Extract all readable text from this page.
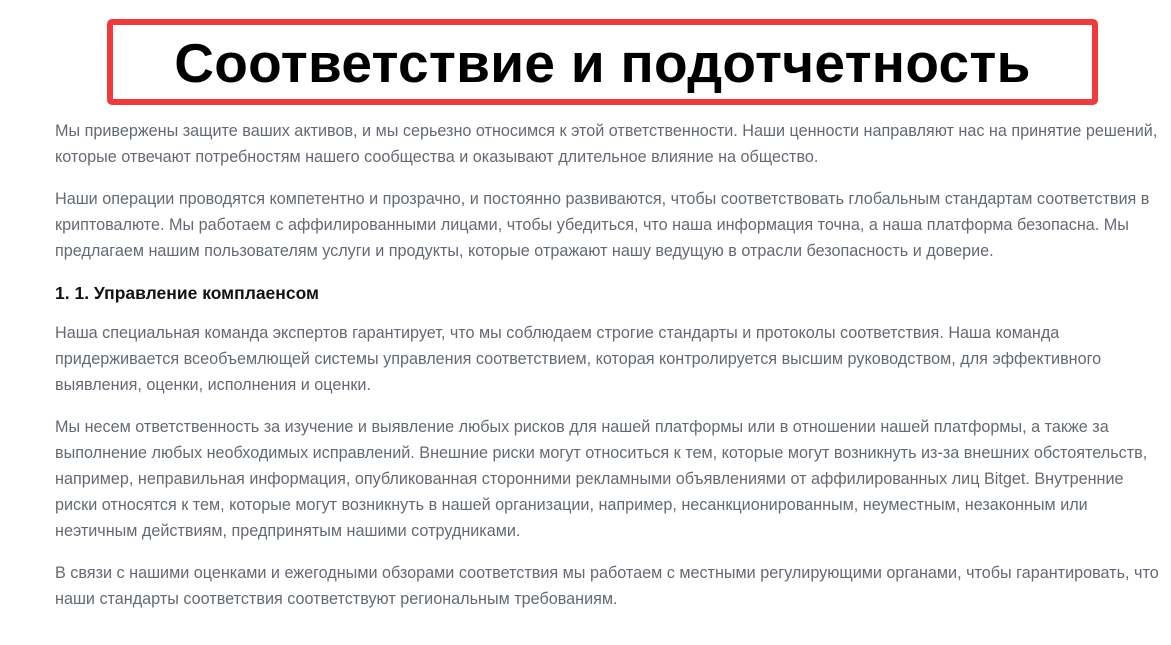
Соответствие и подотчетность

Мы привержены защите ваших активов, и мы серьезно относимся к этой ответственности. Наши ценности направляют нас на принятие решений, которые отвечают потребностям нашего сообщества и оказывают длительное влияние на общество.

Наши операции проводятся компетентно и прозрачно, и постоянно развиваются, чтобы соответствовать глобальным стандартам соответствия в криптовалюте. Мы работаем с аффилированными лицами, чтобы убедиться, что наша информация точна, а наша платформа безопасна. Мы предлагаем нашим пользователям услуги и продукты, которые отражают нашу ведущую в отрасли безопасность и доверие.

1. 1. Управление комплаенсом

Наша специальная команда экспертов гарантирует, что мы соблюдаем строгие стандарты и протоколы соответствия. Наша команда придерживается всеобъемлющей системы управления соответствием, которая контролируется высшим руководством, для эффективного выявления, оценки, исполнения и оценки.

Мы несем ответственность за изучение и выявление любых рисков для нашей платформы или в отношении нашей платформы, а также за выполнение любых необходимых исправлений. Внешние риски могут относиться к тем, которые могут возникнуть из-за внешних обстоятельств, например, неправильная информация, опубликованная сторонними рекламными объявлениями от аффилированных лиц Bitget. Внутренние риски относятся к тем, которые могут возникнуть в нашей организации, например, несанкционированным, неуместным, незаконным или неэтичным действиям, предпринятым нашими сотрудниками.

В связи с нашими оценками и ежегодными обзорами соответствия мы работаем с местными регулирующими органами, чтобы гарантировать, что наши стандарты соответствия соответствуют региональным требованиям.
